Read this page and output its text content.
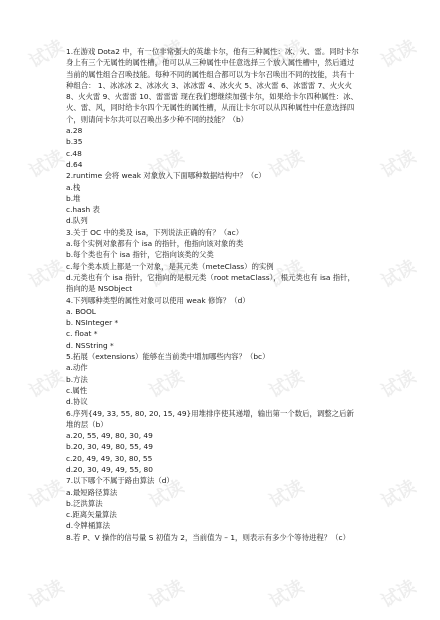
试读	试读	试读	试读
试读	试读	试读	试读
试读	试读	试读	试读
试读	试读	试读	试读
试读	试读	试读	试读
试读	试读	试读	试读
1.在游戏 Dota2 中，有一位非常强大的英雄卡尔，他有三种属性：冰、火、雷。同时卡尔
身上有三个无属性的属性槽，他可以从三种属性中任意选择三个放入属性槽中，然后通过
当前的属性组合召唤技能。每种不同的属性组合都可以为卡尔召唤出不同的技能，共有十
种组合： 1、冰冰冰 2、冰冰火 3、冰冰雷 4、冰火火 5、冰火雷 6、冰雷雷 7、火火火
8、火火雷 9、火雷雷 10、雷雷雷 现在我们想继续加强卡尔，如果给卡尔四种属性：冰、
火、雷、风，同时给卡尔四个无属性的属性槽，从而让卡尔可以从四种属性中任意选择四
个，则请问卡尔共可以召唤出多少种不同的技能？（b）
a.28
b.35
c.48
d.64
2.runtime 会将 weak 对象放入下面哪种数据结构中？（c）
a.栈
b.堆
c.hash 表
d.队列
3.关于 OC 中的类及 isa，下列说法正确的有？（ac）
a.每个实例对象都有个 isa 的指针，他指向该对象的类
b.每个类也有个 isa 指针，它指向该类的父类
c.每个类本质上都是一个对象，是其元类（meteClass）的实例
d.元类也有个 isa 指针，它指向的是根元类（root metaClass），根元类也有 isa 指针，
指向的是 NSObject
4.下列哪种类型的属性对象可以使用 weak 修饰？（d）
a. BOOL
b. NSInteger *
c. float *
d. NSString *
5.拓展（extensions）能够在当前类中增加哪些内容？（bc）
a.动作
b.方法
c.属性
d.协议
6.序列{49, 33, 55, 80, 20, 15, 49}用堆排序使其递增，输出第一个数后，调整之后新
堆的层（b）
a.20, 55, 49, 80, 30, 49
b.20, 30, 49, 80, 55, 49
c.20, 49, 49, 30, 80, 55
d.20, 30, 49, 49, 55, 80
7.以下哪个不属于路由算法（d）
a.最短路径算法
b.泛洪算法
c.距离矢量算法
d.令牌桶算法
8.若 P、V 操作的信号量 S 初值为 2，当前值为 – 1，则表示有多少个等待进程？（c）
